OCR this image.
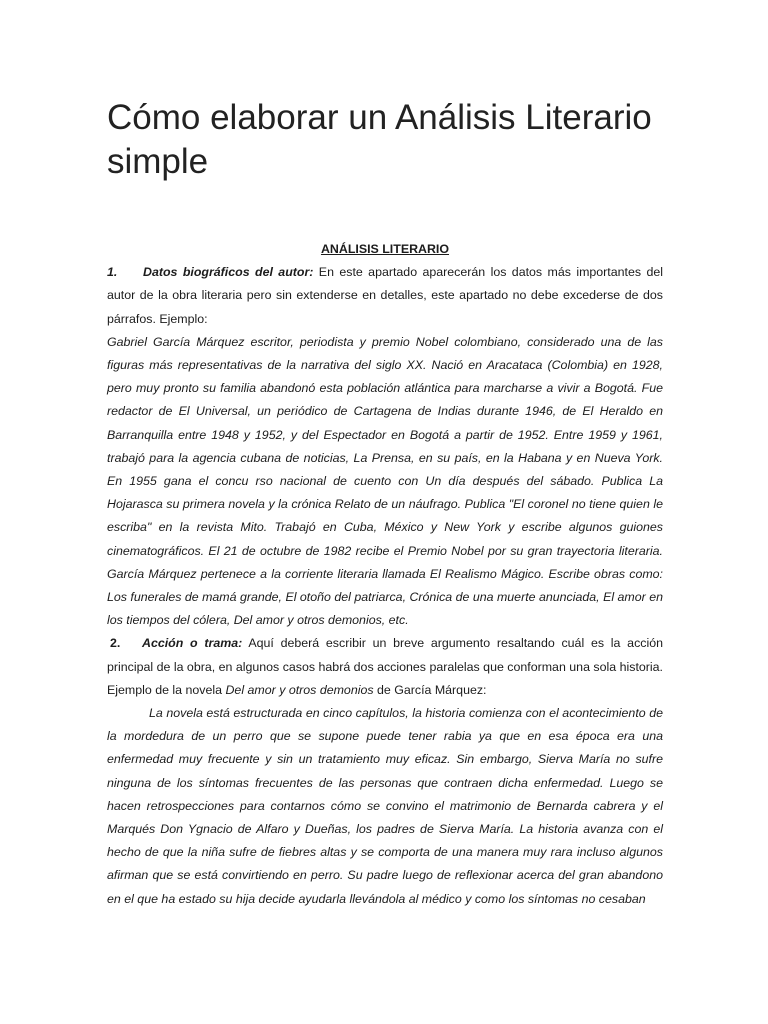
Cómo elaborar un Análisis Literario simple

ANÁLISIS LITERARIO

1. Datos biográficos del autor: En este apartado aparecerán los datos más importantes del autor de la obra literaria pero sin extenderse en detalles, este apartado no debe excederse de dos párrafos. Ejemplo:

Gabriel García Márquez escritor, periodista y premio Nobel colombiano, considerado una de las figuras más representativas de la narrativa del siglo XX. Nació en Aracataca (Colombia) en 1928, pero muy pronto su familia abandonó esta población atlántica para marcharse a vivir a Bogotá. Fue redactor de El Universal, un periódico de Cartagena de Indias durante 1946, de El Heraldo en Barranquilla entre 1948 y 1952, y del Espectador en Bogotá a partir de 1952. Entre 1959 y 1961, trabajó para la agencia cubana de noticias, La Prensa, en su país, en la Habana y en Nueva York. En 1955 gana el concu rso nacional de cuento con Un día después del sábado. Publica La Hojarasca su primera novela y la crónica Relato de un náufrago. Publica "El coronel no tiene quien le escriba" en la revista Mito. Trabajó en Cuba, México y New York y escribe algunos guiones cinematográficos. El 21 de octubre de 1982 recibe el Premio Nobel por su gran trayectoria literaria. García Márquez pertenece a la corriente literaria llamada El Realismo Mágico. Escribe obras como: Los funerales de mamá grande, El otoño del patriarca, Crónica de una muerte anunciada, El amor en los tiempos del cólera, Del amor y otros demonios, etc.

2. Acción o trama: Aquí deberá escribir un breve argumento resaltando cuál es la acción principal de la obra, en algunos casos habrá dos acciones paralelas que conforman una sola historia. Ejemplo de la novela Del amor y otros demonios de García Márquez:

La novela está estructurada en cinco capítulos, la historia comienza con el acontecimiento de la mordedura de un perro que se supone puede tener rabia ya que en esa época era una enfermedad muy frecuente y sin un tratamiento muy eficaz. Sin embargo, Sierva María no sufre ninguna de los síntomas frecuentes de las personas que contraen dicha enfermedad. Luego se hacen retrospecciones para contarnos cómo se convino el matrimonio de Bernarda cabrera y el Marqués Don Ygnacio de Alfaro y Dueñas, los padres de Sierva María. La historia avanza con el hecho de que la niña sufre de fiebres altas y se comporta de una manera muy rara incluso algunos afirman que se está convirtiendo en perro. Su padre luego de reflexionar acerca del gran abandono en el que ha estado su hija decide ayudarla llevándola al médico y como los síntomas no cesaban
